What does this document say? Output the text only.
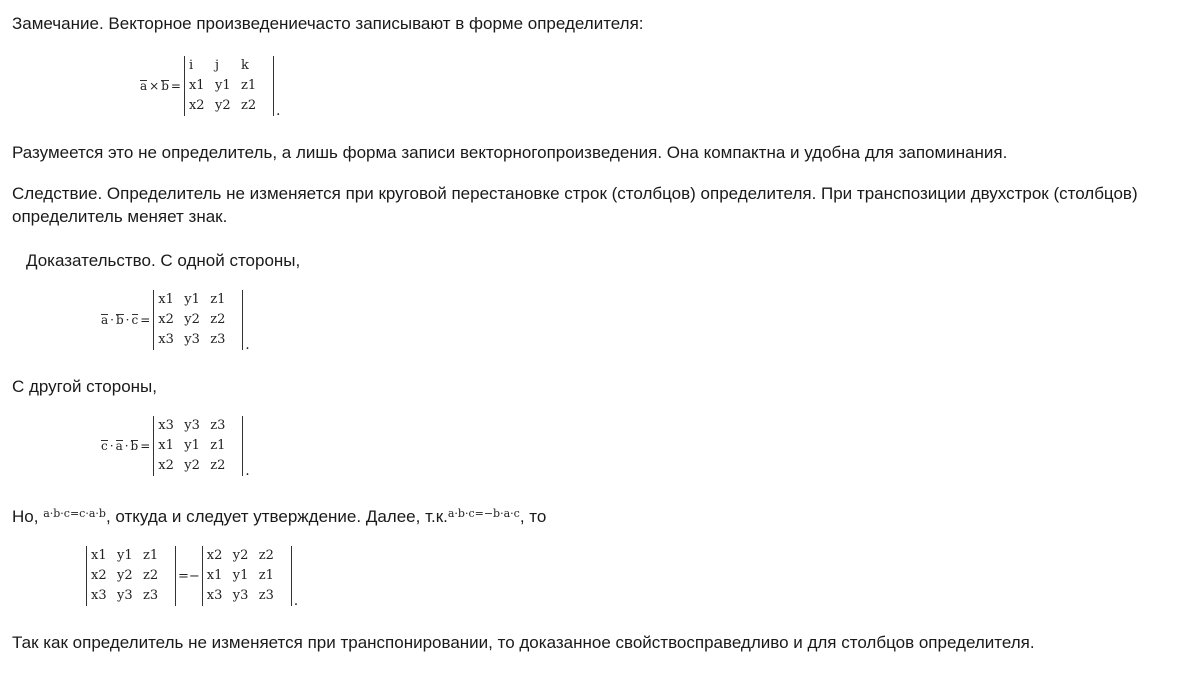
Замечание. Векторное произведениечасто записывают в форме определителя:

a × b =
i	j	k
x1 y1 z1
x2 y2 z2	.

Разумеется это не определитель, а лишь форма записи векторногопроизведения. Она компактна и удобна для запоминания.

Следствие. Определитель не изменяется при круговой перестановке строк (столбцов) определителя. При транспозиции двухстрок (столбцов) определитель меняет знак.

Доказательство. С одной стороны,

a · b · c =
x1 y1 z1
x2 y2 z2
x3 y3 z3	.

С другой стороны,

c · a · b =
x3 y3 z3
x1 y1 z1
x2 y2 z2	.

Но, $^{a\cdot b\cdot c=c\cdot a\cdot b}$, откуда и следует утверждение. Далее, т.к.$^{a\cdot b\cdot c=-b\cdot a\cdot c}$, то

x1 y1 z1
x2 y2 z2
x3 y3 z3
=−
x2 y2 z2
x1 y1 z1
x3 y3 z3	.

Так как определитель не изменяется при транспонировании, то доказанное свойствосправедливо и для столбцов определителя.
